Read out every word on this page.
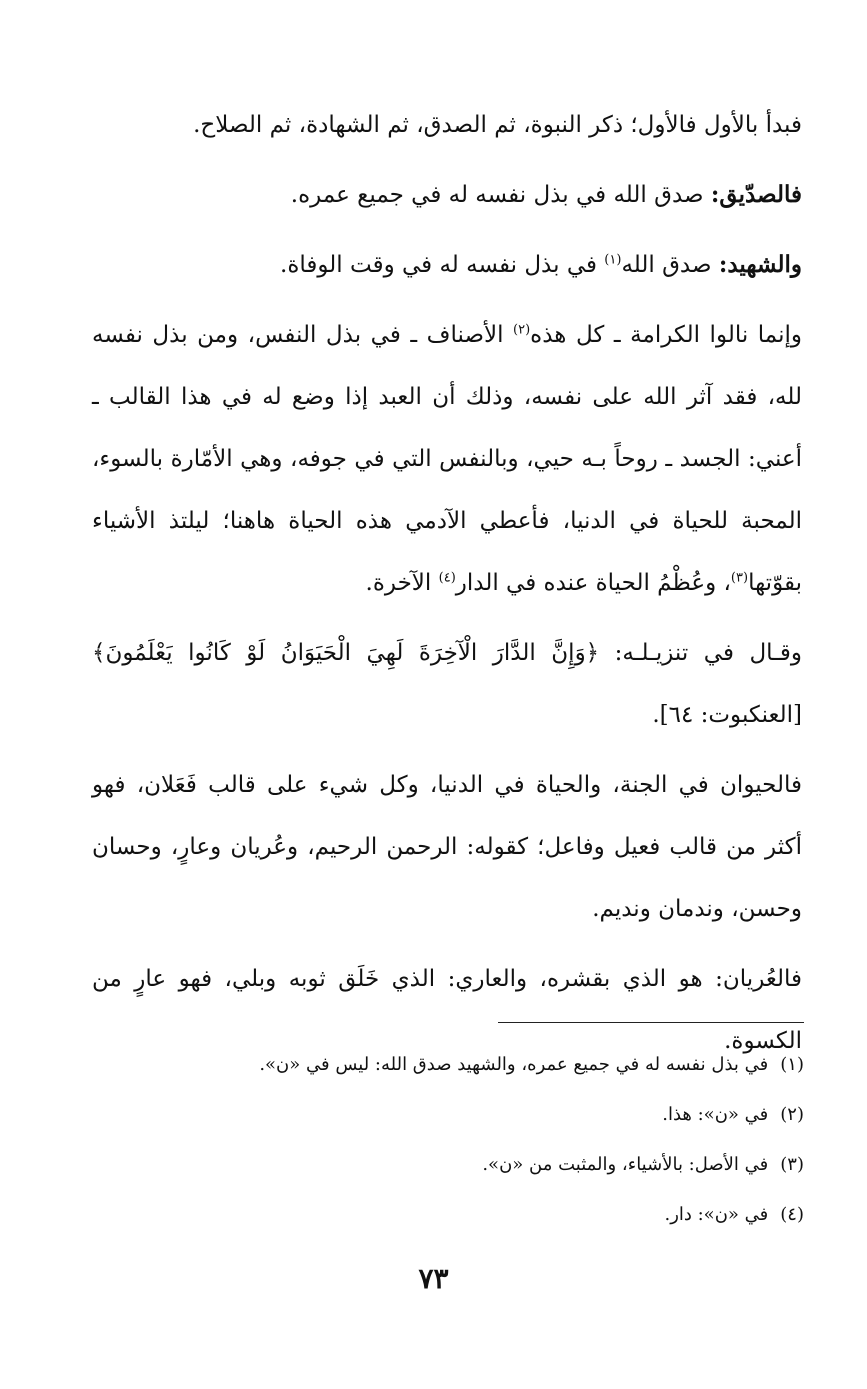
فبدأ بالأول فالأول؛ ذكر النبوة، ثم الصدق، ثم الشهادة، ثم الصلاح.

فالصدّيق: صدق الله في بذل نفسه له في جميع عمره.

والشهيد: صدق الله$^{(١)}$ في بذل نفسه له في وقت الوفاة.

وإنما نالوا الكرامة ـ كل هذه$^{(٢)}$ الأصناف ـ في بذل النفس، ومن بذل نفسه لله، فقد آثر الله على نفسه، وذلك أن العبد إذا وضع له في هذا القالب ـ أعني: الجسد ـ روحاً بـه حيي، وبالنفس التي في جوفه، وهي الأمّارة بالسوء، المحبة للحياة في الدنيا، فأعطي الآدمي هذه الحياة هاهنا؛ ليلتذ الأشياء بقوّتها$^{(٣)}$، وعُظْمُ الحياة عنده في الدار$^{(٤)}$ الآخرة.

وقـال في تنزيـلـه: ﴿وَإِنَّ الدَّارَ الْآخِرَةَ لَهِيَ الْحَيَوَانُ لَوْ كَانُوا يَعْلَمُونَ﴾[العنكبوت: ٦٤].

فالحيوان في الجنة، والحياة في الدنيا، وكل شيء على قالب فَعَلان، فهو أكثر من قالب فعيل وفاعل؛ كقوله: الرحمن الرحيم، وعُريان وعارٍ، وحسان وحسن، وندمان ونديم.

فالعُريان: هو الذي بقشره، والعاري: الذي خَلَق ثوبه وبلي، فهو عارٍ من الكسوة.

(١)في بذل نفسه له في جميع عمره، والشهيد صدق الله: ليس في «ن».

(٢)في «ن»: هذا.

(٣)في الأصل: بالأشياء، والمثبت من «ن».

(٤)في «ن»: دار.

٧٣
